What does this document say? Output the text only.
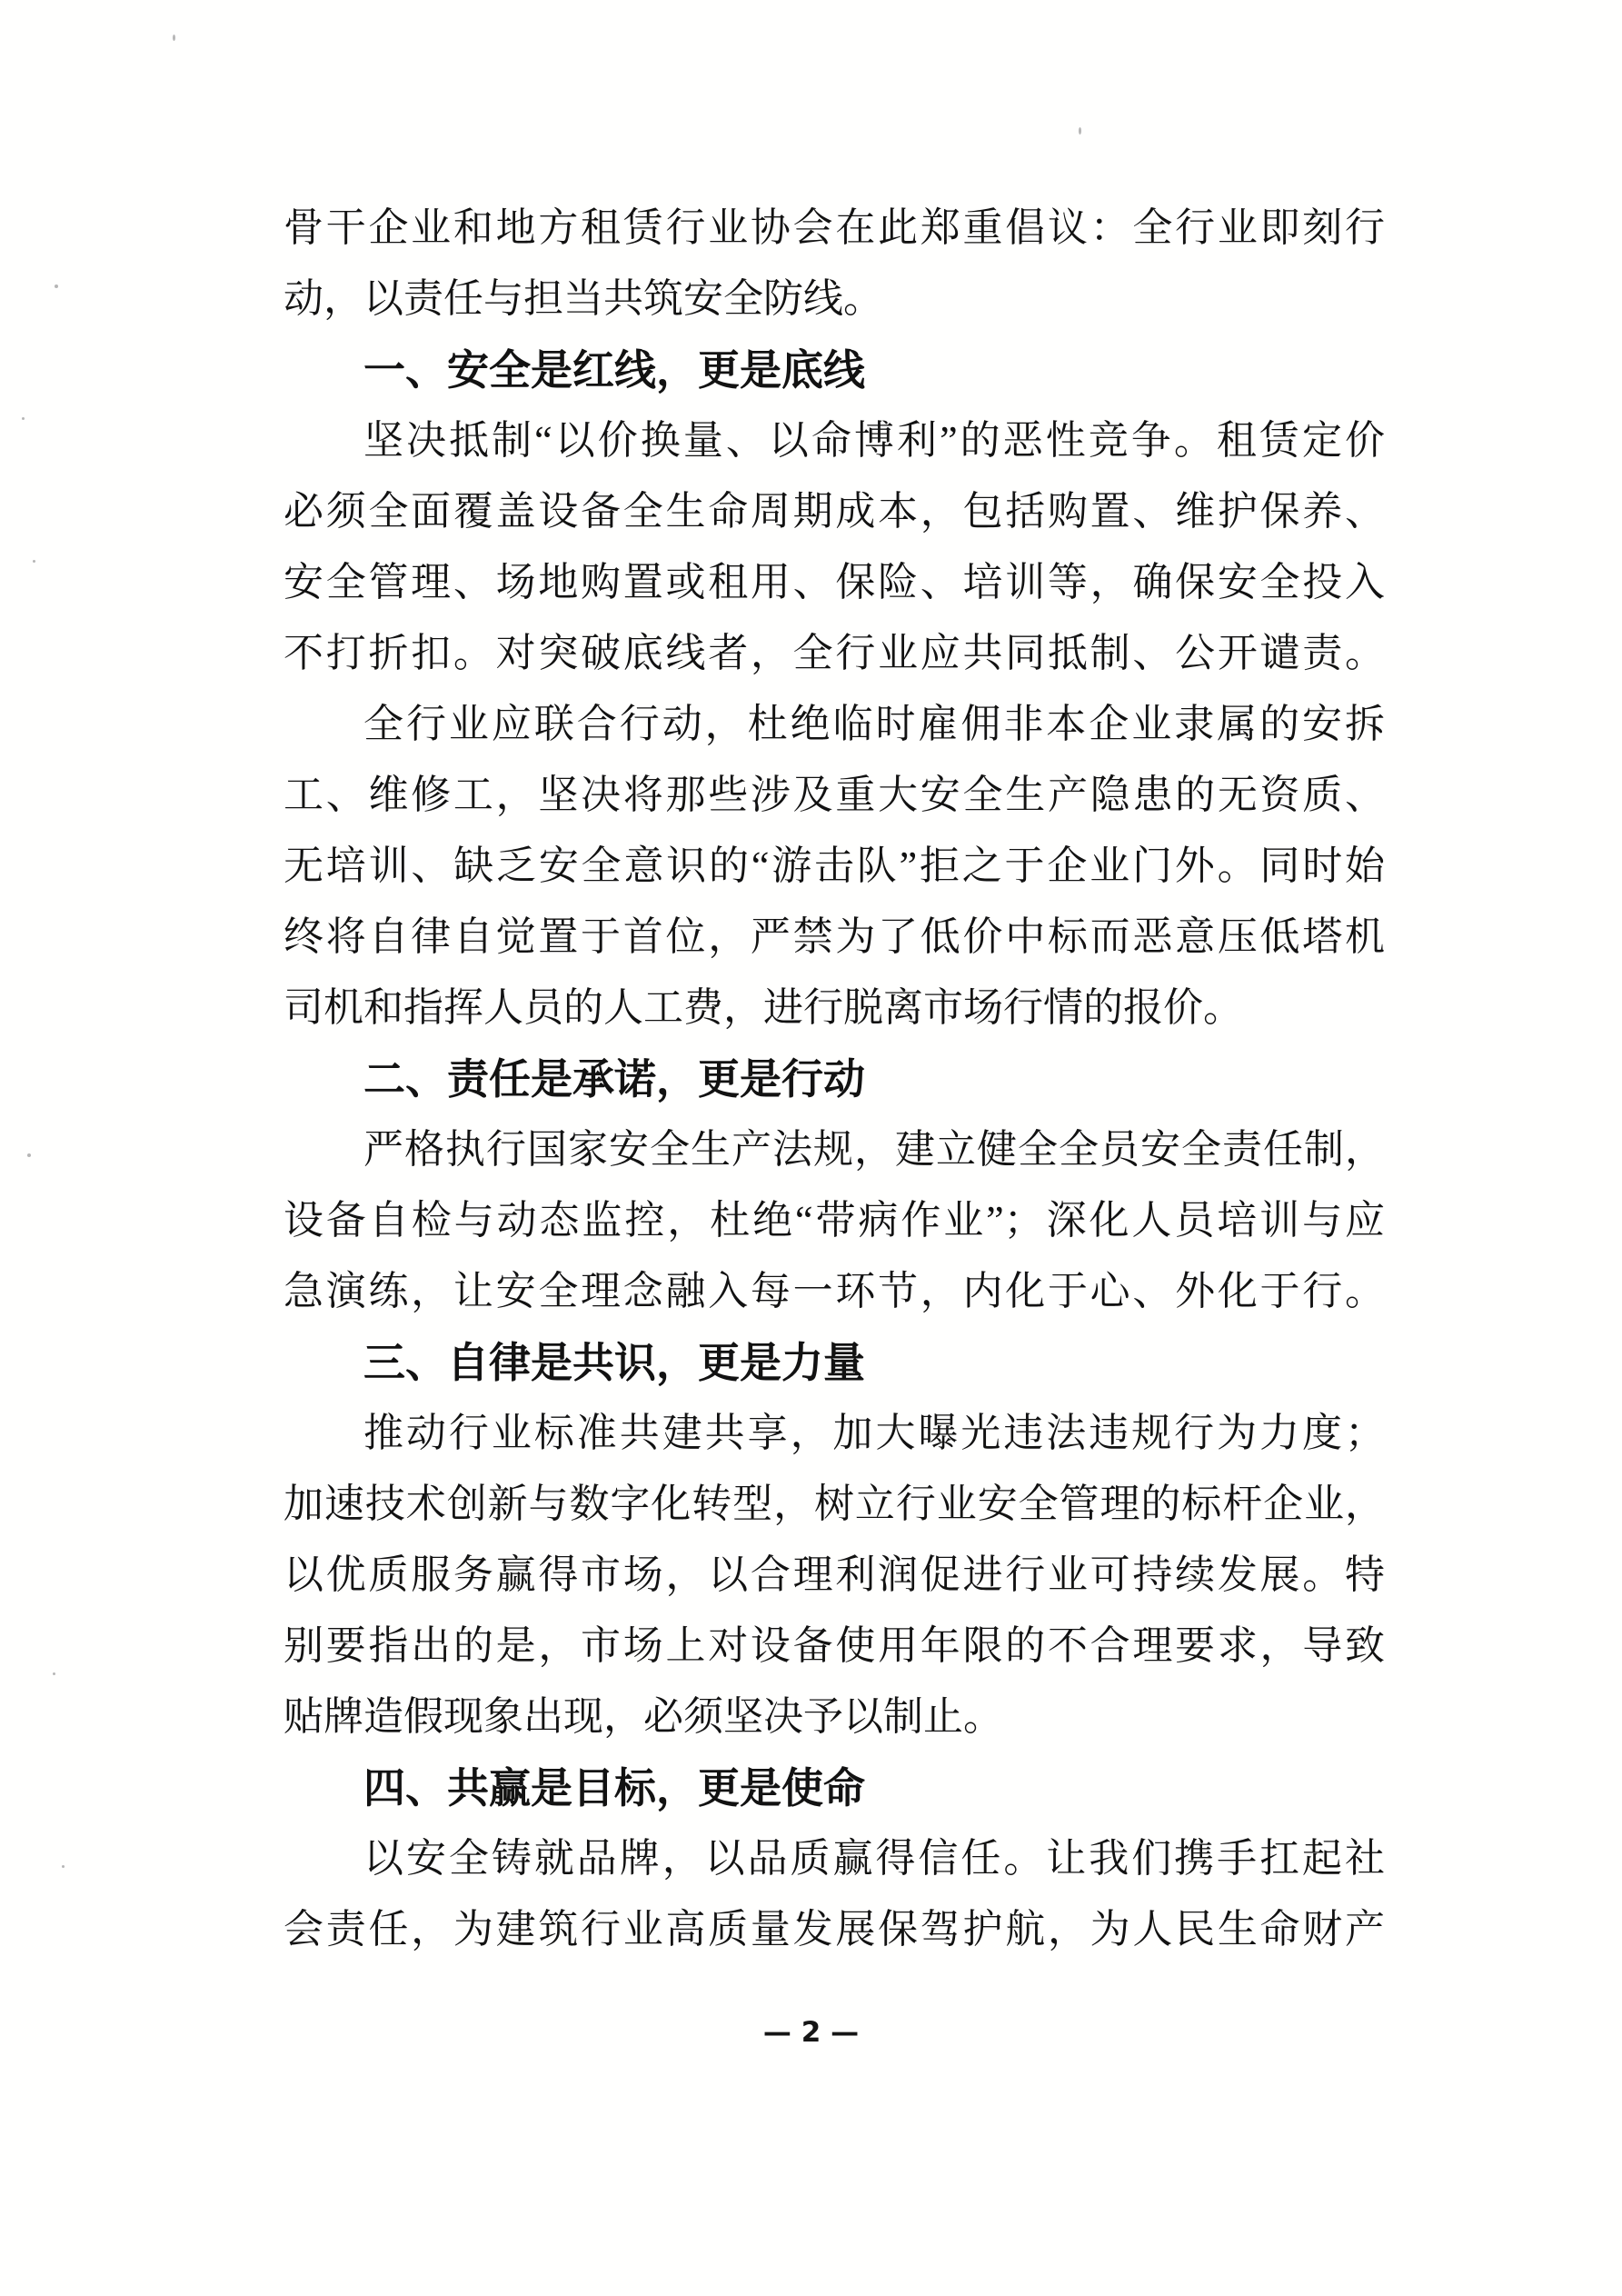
骨干企业和地方租赁行业协会在此郑重倡议：全行业即刻行
动，以责任与担当共筑安全防线。
一、安全是红线，更是底线
坚决抵制“以价换量、以命博利”的恶性竞争。租赁定价
必须全面覆盖设备全生命周期成本，包括购置、维护保养、
安全管理、场地购置或租用、保险、培训等，确保安全投入
不打折扣。对突破底线者，全行业应共同抵制、公开谴责。
全行业应联合行动，杜绝临时雇佣非本企业隶属的安拆
工、维修工，坚决将那些涉及重大安全生产隐患的无资质、
无培训、缺乏安全意识的“游击队”拒之于企业门外。同时始
终将自律自觉置于首位，严禁为了低价中标而恶意压低塔机
司机和指挥人员的人工费，进行脱离市场行情的报价。
二、责任是承诺，更是行动
严格执行国家安全生产法规，建立健全全员安全责任制，
设备自检与动态监控，杜绝“带病作业”；深化人员培训与应
急演练，让安全理念融入每一环节，内化于心、外化于行。
三、自律是共识，更是力量
推动行业标准共建共享，加大曝光违法违规行为力度；
加速技术创新与数字化转型，树立行业安全管理的标杆企业，
以优质服务赢得市场，以合理利润促进行业可持续发展。特
别要指出的是，市场上对设备使用年限的不合理要求，导致
贴牌造假现象出现，必须坚决予以制止。
四、共赢是目标，更是使命
以安全铸就品牌，以品质赢得信任。让我们携手扛起社
会责任，为建筑行业高质量发展保驾护航，为人民生命财产
— 2 —
